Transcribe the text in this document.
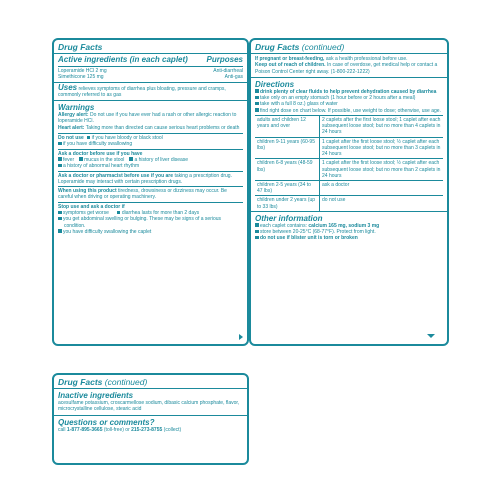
Drug Facts
Active ingredients (in each caplet) Purposes
Loperamide HCl 2 mg	Anti-diarrheal
Simethicone 125 mg	Anti-gas
Uses relieves symptoms of diarrhea plus bloating, pressure and cramps, commonly referred to as gas
Warnings
Allergy alert: Do not use if you have ever had a rash or other allergic reaction to loperamide HCl.
Heart alert: Taking more than directed can cause serious heart problems or death
Do not use if you have bloody or black stool
if you have difficulty swallowing
Ask a doctor before use if you have
fever	mucus in the stool	a history of liver disease
a history of abnormal heart rhythm
Ask a doctor or pharmacist before use if you are taking a prescription drug. Loperamide may interact with certain prescription drugs.
When using this product tiredness, drowsiness or dizziness may occur. Be careful when driving or operating machinery.
Stop use and ask a doctor if
symptoms get worse	diarrhea lasts for more than 2 days
you get abdominal swelling or bulging. These may be signs of a serious condition.
you have difficulty swallowing the caplet
Drug Facts (continued)
If pregnant or breast-feeding, ask a health professional before use.
Keep out of reach of children. In case of overdose, get medical help or contact a Poison Control Center right away. (1-800-222-1222)
Directions
drink plenty of clear fluids to help prevent dehydration caused by diarrhea
take only on an empty stomach (1 hour before or 2 hours after a meal)
take with a full 8 oz.) glass of water
find right dose on chart below. If possible, use weight to dose; otherwise, use age.
adults and children 12 years and over	2 caplets after the first loose stool; 1 caplet after each subsequent loose stool; but no more than 4 caplets in 24 hours
children 9-11 years (60-95 lbs)	1 caplet after the first loose stool; ½ caplet after each subsequent loose stool; but no more than 3 caplets in 24 hours
children 6-8 years (48-59 lbs)	1 caplet after the first loose stool; ½ caplet after each subsequent loose stool; but no more than 2 caplets in 24 hours
children 2-5 years (34 to 47 lbs)	ask a doctor
children under 2 years (up to 33 lbs)	do not use
Other information
each caplet contains: calcium 165 mg, sodium 3 mg
store between 20-25°C (68-77°F). Protect from light.
do not use if blister unit is torn or broken
Drug Facts (continued)
Inactive ingredients
acesulfame potassium, croscarmellose sodium, dibasic calcium phosphate, flavor, microcrystalline cellulose, stearic acid
Questions or comments?
call 1-877-895-3665 (toll-free) or 215-273-8755 (collect)
